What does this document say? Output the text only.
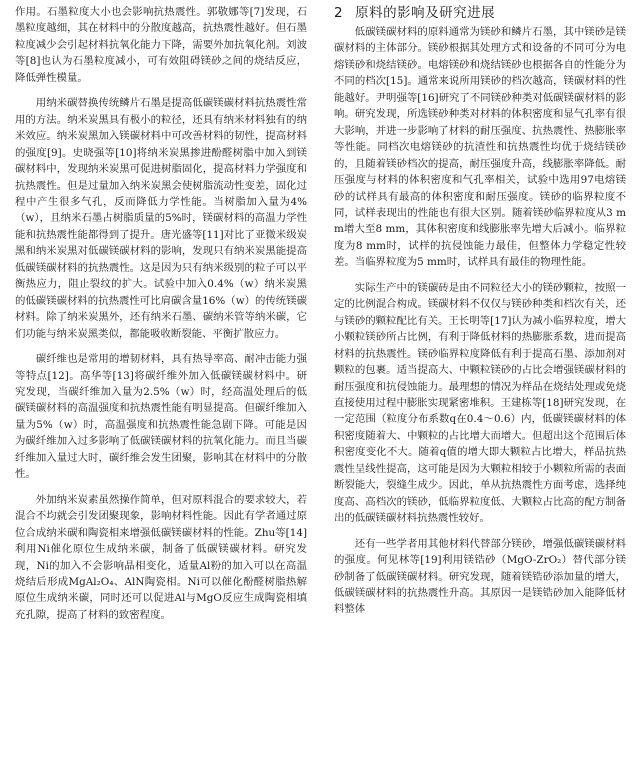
作用。石墨粒度大小也会影响抗热震性。郭敬娜等[7]发现，石墨粒度越细，其在材料中的分散度越高，抗热震性越好。但石墨粒度减少会引起材料抗氧化能力下降，需要外加抗氧化剂。刘波等[8]也认为石墨粒度减小，可有效阻碍镁砂之间的烧结反应，降低弹性模量。

用纳米碳替换传统鳞片石墨是提高低碳镁碳材料抗热震性常用的方法。纳米炭黑具有极小的粒径，还具有纳米材料独有的纳米效应。纳米炭黑加入镁碳材料中可改善材料的韧性，提高材料的强度[9]。史晓强等[10]将纳米炭黑掺进酚醛树脂中加入到镁碳材料中，发现纳米炭黑可促进树脂固化，提高材料力学强度和抗热震性。但是过量加入纳米炭黑会使树脂流动性变差，固化过程中产生很多气孔，反而降低力学性能。当树脂加入量为4%（w），且纳米石墨占树脂质量的5%时，镁碳材料的高温力学性能和抗热震性能都得到了提升。唐光盛等[11]对比了亚微米级炭黑和纳米炭黑对低碳镁碳材料的影响，发现只有纳米炭黑能提高低碳镁碳材料的抗热震性。这是因为只有纳米级别的粒子可以平衡热应力，阻止裂纹的扩大。试验中加入0.4%（w）纳米炭黑的低碳镁碳材料的抗热震性可比肩碳含量16%（w）的传统镁碳材料。除了纳米炭黑外，还有纳米石墨、碳纳米管等纳米碳，它们功能与纳米炭黑类似，都能吸收断裂能、平衡扩散应力。

碳纤维也是常用的增韧材料，具有热导率高、耐冲击能力强等特点[12]。高华等[13]将碳纤维外加入低碳镁碳材料中。研究发现，当碳纤维加入量为2.5%（w）时，经高温处理后的低碳镁碳材料的高温强度和抗热震性能有明显提高。但碳纤维加入量为5%（w）时，高温强度和抗热震性能急剧下降。可能是因为碳纤维加入过多影响了低碳镁碳材料的抗氧化能力。而且当碳纤维加入量过大时，碳纤维会发生团聚，影响其在材料中的分散性。

外加纳米炭素虽然操作简单，但对原料混合的要求较大，若混合不均就会引发团聚现象，影响材料性能。因此有学者通过原位合成纳米碳和陶瓷相来增强低碳镁碳材料的性能。Zhu等[14]利用Ni催化原位生成纳米碳，制备了低碳镁碳材料。研究发现，Ni的加入不会影响晶相变化，适量Al粉的加入可以在高温烧结后形成MgAl₂O₄、AlN陶瓷相。Ni可以催化酚醛树脂热解原位生成纳米碳，同时还可以促进Al与MgO反应生成陶瓷相填充孔隙，提高了材料的致密程度。

2 原料的影响及研究进展

低碳镁碳材料的原料通常为镁砂和鳞片石墨，其中镁砂是镁碳材料的主体部分。镁砂根据其处理方式和设备的不同可分为电熔镁砂和烧结镁砂。电熔镁砂和烧结镁砂也根据各自的性能分为不同的档次[15]。通常来说所用镁砂的档次越高，镁碳材料的性能越好。尹明强等[16]研究了不同镁砂种类对低碳镁碳材料的影响。研究发现，所选镁砂种类对材料的体积密度和显气孔率有很大影响，并进一步影响了材料的耐压强度、抗热震性、热膨胀率等性能。同档次电熔镁砂的抗渣性和抗热震性均优于烧结镁砂的，且随着镁砂档次的提高，耐压强度升高，线膨胀率降低。耐压强度与材料的体积密度和气孔率相关，试验中选用97电熔镁砂的试样具有最高的体积密度和耐压强度。镁砂的临界粒度不同，试样表现出的性能也有很大区别。随着镁砂临界粒度从3 mm增大至8 mm，其体积密度和线膨胀率先增大后减小。临界粒度为8 mm时，试样的抗侵蚀能力最佳，但整体力学稳定性较差。当临界粒度为5 mm时，试样具有最佳的物理性能。

实际生产中的镁碳砖是由不同粒径大小的镁砂颗粒，按照一定的比例混合构成。镁碳材料不仅仅与镁砂种类和档次有关，还与镁砂的颗粒配比有关。王长明等[17]认为减小临界粒度，增大小颗粒镁砂所占比例，有利于降低材料的热膨胀系数，进而提高材料的抗热震性。镁砂临界粒度降低有利于提高石墨、添加剂对颗粒的包裹。适当提高大、中颗粒镁砂的占比会增强镁碳材料的耐压强度和抗侵蚀能力。最理想的情况为样品在烧结处理或免烧直接使用过程中膨胀实现紧密堆积。王建栋等[18]研究发现，在一定范围（粒度分布系数q在0.4～0.6）内，低碳镁碳材料的体积密度随着大、中颗粒的占比增大而增大。但超出这个范围后体积密度变化不大。随着q值的增大即大颗粒占比增大，样品抗热震性呈线性提高，这可能是因为大颗粒相较于小颗粒所需的表面断裂能大，裂缝生成少。因此，单从抗热震性方面考虑，选择纯度高、高档次的镁砂，低临界粒度低、大颗粒占比高的配方制备出的低碳镁碳材料抗热震性较好。

还有一些学者用其他材料代替部分镁砂，增强低碳镁碳材料的强度。何见林等[19]利用镁锆砂（MgO-ZrO₂）替代部分镁砂制备了低碳镁碳材料。研究发现，随着镁锆砂添加量的增大，低碳镁碳材料的抗热震性升高。其原因一是镁锆砂加入能降低材料整体
